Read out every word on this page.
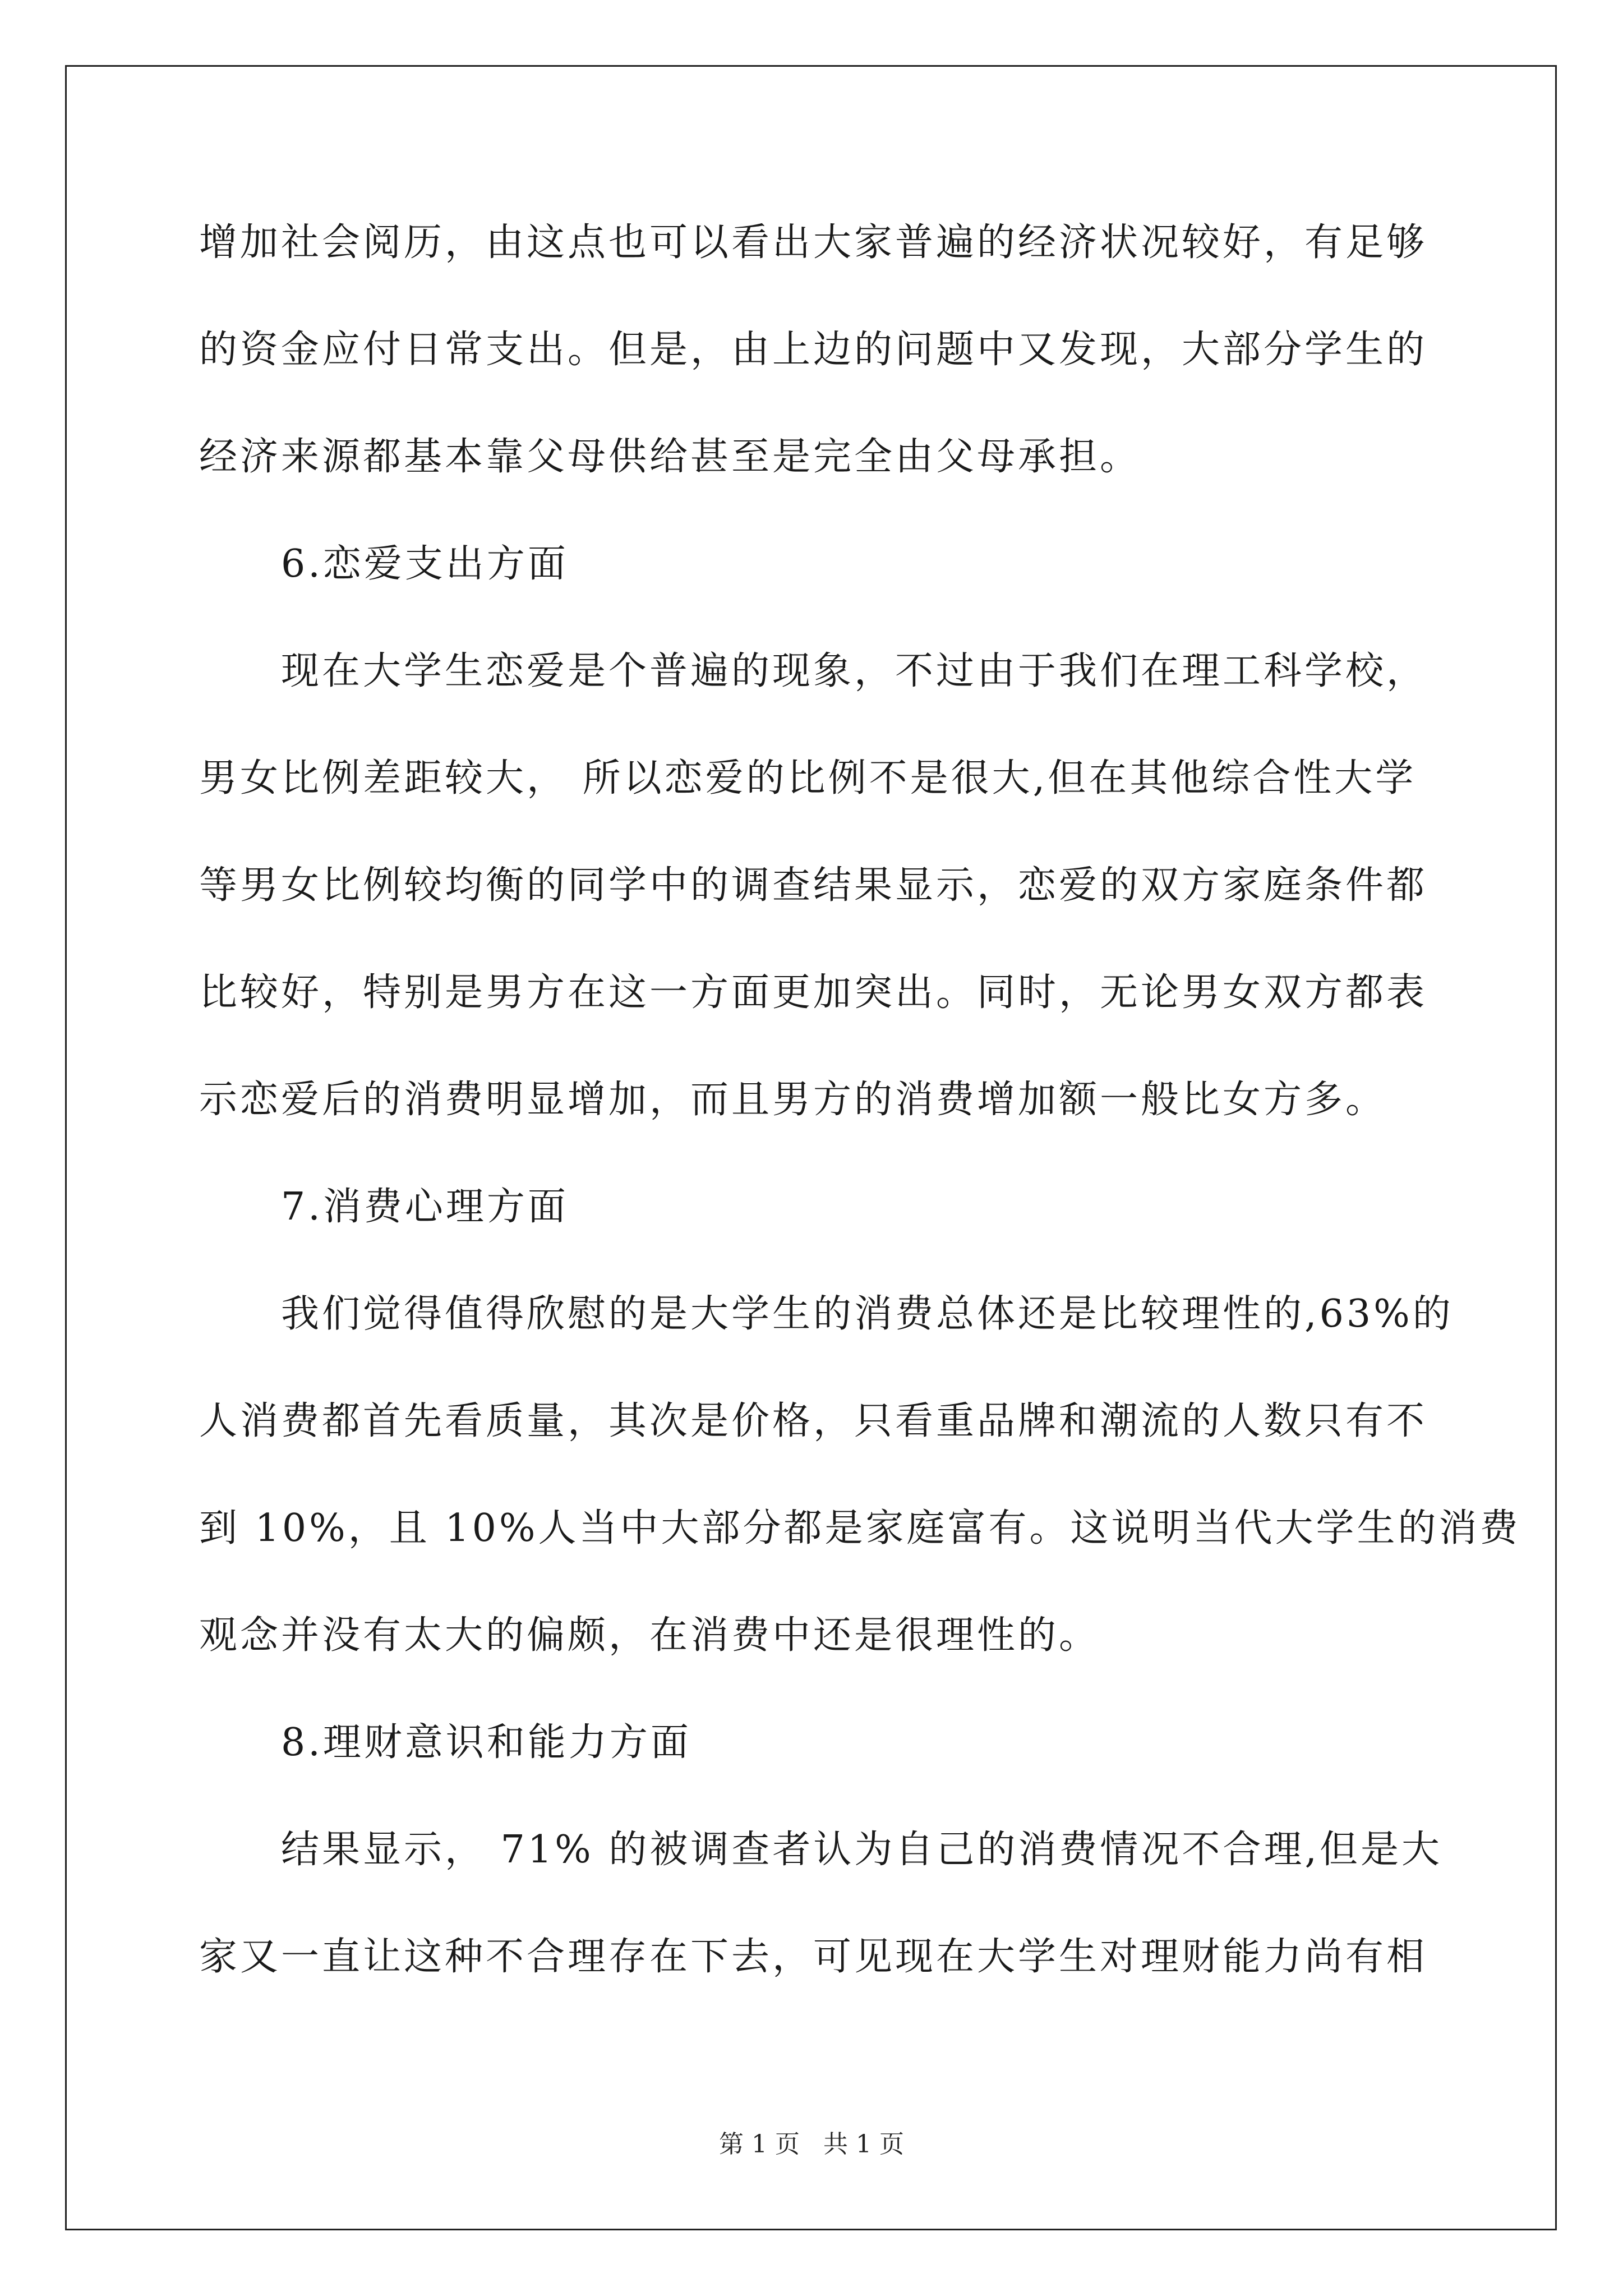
增加社会阅历，由这点也可以看出大家普遍的经济状况较好，有足够
的资金应付日常支出。但是，由上边的问题中又发现，大部分学生的
经济来源都基本靠父母供给甚至是完全由父母承担。
6.恋爱支出方面
现在大学生恋爱是个普遍的现象，不过由于我们在理工科学校，
男女比例差距较大， 所以恋爱的比例不是很大,但在其他综合性大学
等男女比例较均衡的同学中的调查结果显示，恋爱的双方家庭条件都
比较好，特别是男方在这一方面更加突出。同时，无论男女双方都表
示恋爱后的消费明显增加，而且男方的消费增加额一般比女方多。
7.消费心理方面
我们觉得值得欣慰的是大学生的消费总体还是比较理性的,63%的
人消费都首先看质量，其次是价格，只看重品牌和潮流的人数只有不
到 10%，且 10%人当中大部分都是家庭富有。这说明当代大学生的消费
观念并没有太大的偏颇，在消费中还是很理性的。
8.理财意识和能力方面
结果显示， 71% 的被调查者认为自己的消费情况不合理,但是大
家又一直让这种不合理存在下去，可见现在大学生对理财能力尚有相
第 1 页   共 1 页
